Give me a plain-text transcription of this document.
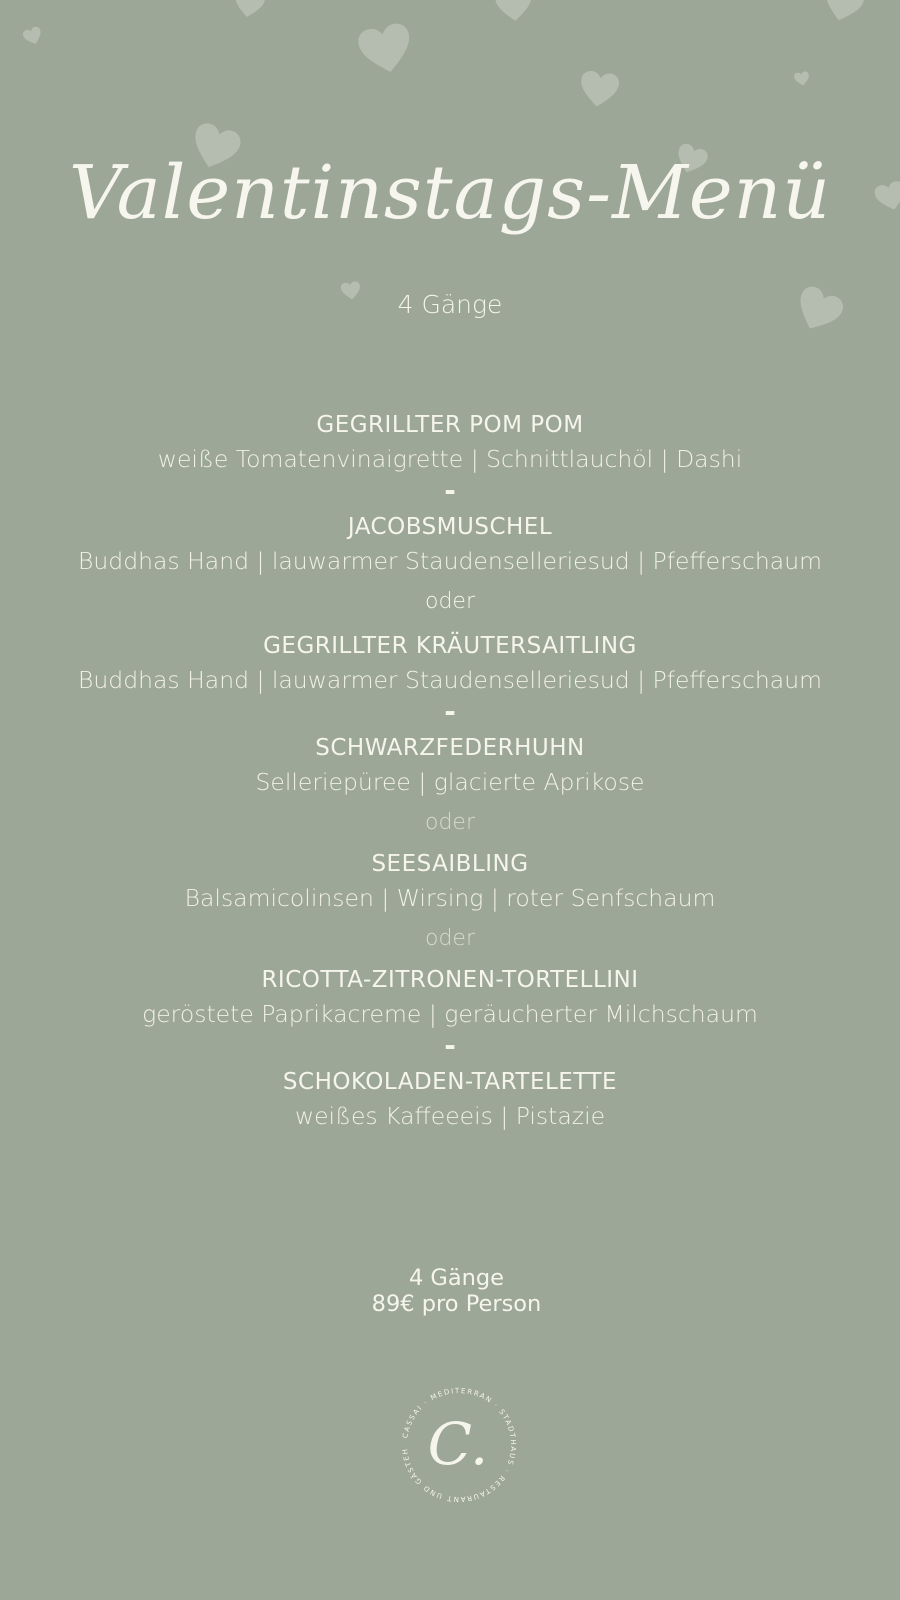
Valentinstags-Menü
4 Gänge
GEGRILLTER POM POM
weiße Tomatenvinaigrette | Schnittlauchöl | Dashi
-
JACOBSMUSCHEL
Buddhas Hand | lauwarmer Staudenselleriesud | Pfefferschaum
oder
GEGRILLTER KRÄUTERSAITLING
Buddhas Hand | lauwarmer Staudenselleriesud | Pfefferschaum
-
SCHWARZFEDERHUHN
Selleriepüree | glacierte Aprikose
oder
SEESAIBLING
Balsamicolinsen | Wirsing | roter Senfschaum
oder
RICOTTA-ZITRONEN-TORTELLINI
geröstete Paprikacreme | geräucherter Milchschaum
-
SCHOKOLADEN-TARTELETTE
weißes Kaffeeeis | Pistazie
4 Gänge
89€ pro Person
CASSAI · MEDITERRAN · STADTHAUS · RESTAURANT UND GÄSTEH C.
